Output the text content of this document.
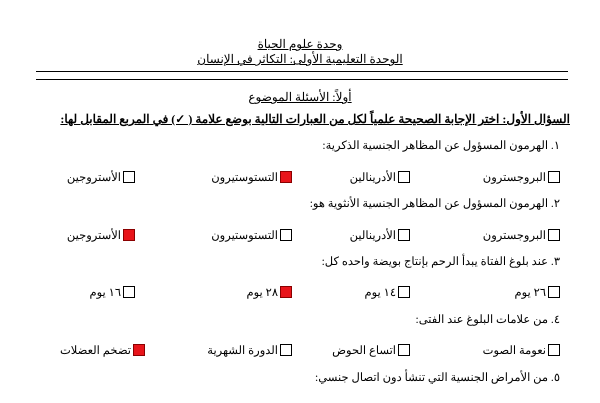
وحدة علوم الحياة
الوحدة التعليمية الأولى: التكاثر في الإنسان
أولاً: الأسئلة الموضوع
السؤال الأول: اختر الإجابة الصحيحة علمياً لكل من العبارات التالية بوضع علامة ( ✓) في المربع المقابل لها:
١. الهرمون المسؤول عن المظاهر الجنسية الذكرية:
البروجسترون
الأدرينالين
التستوستيرون
الأستروجين
٢. الهرمون المسؤول عن المظاهر الجنسية الأنثوية هو:
البروجسترون
الأدرينالين
التستوستيرون
الأستروجين
٣. عند بلوغ الفتاة يبدأ الرحم بإنتاج بويضة واحده كل:
٢٦ يوم
١٤ يوم
٢٨ يوم
١٦ يوم
٤. من علامات البلوغ عند الفتى:
نعومة الصوت
اتساع الحوض
الدورة الشهرية
تضخم العضلات
٥. من الأمراض الجنسية التي تنشأ دون اتصال جنسي:
